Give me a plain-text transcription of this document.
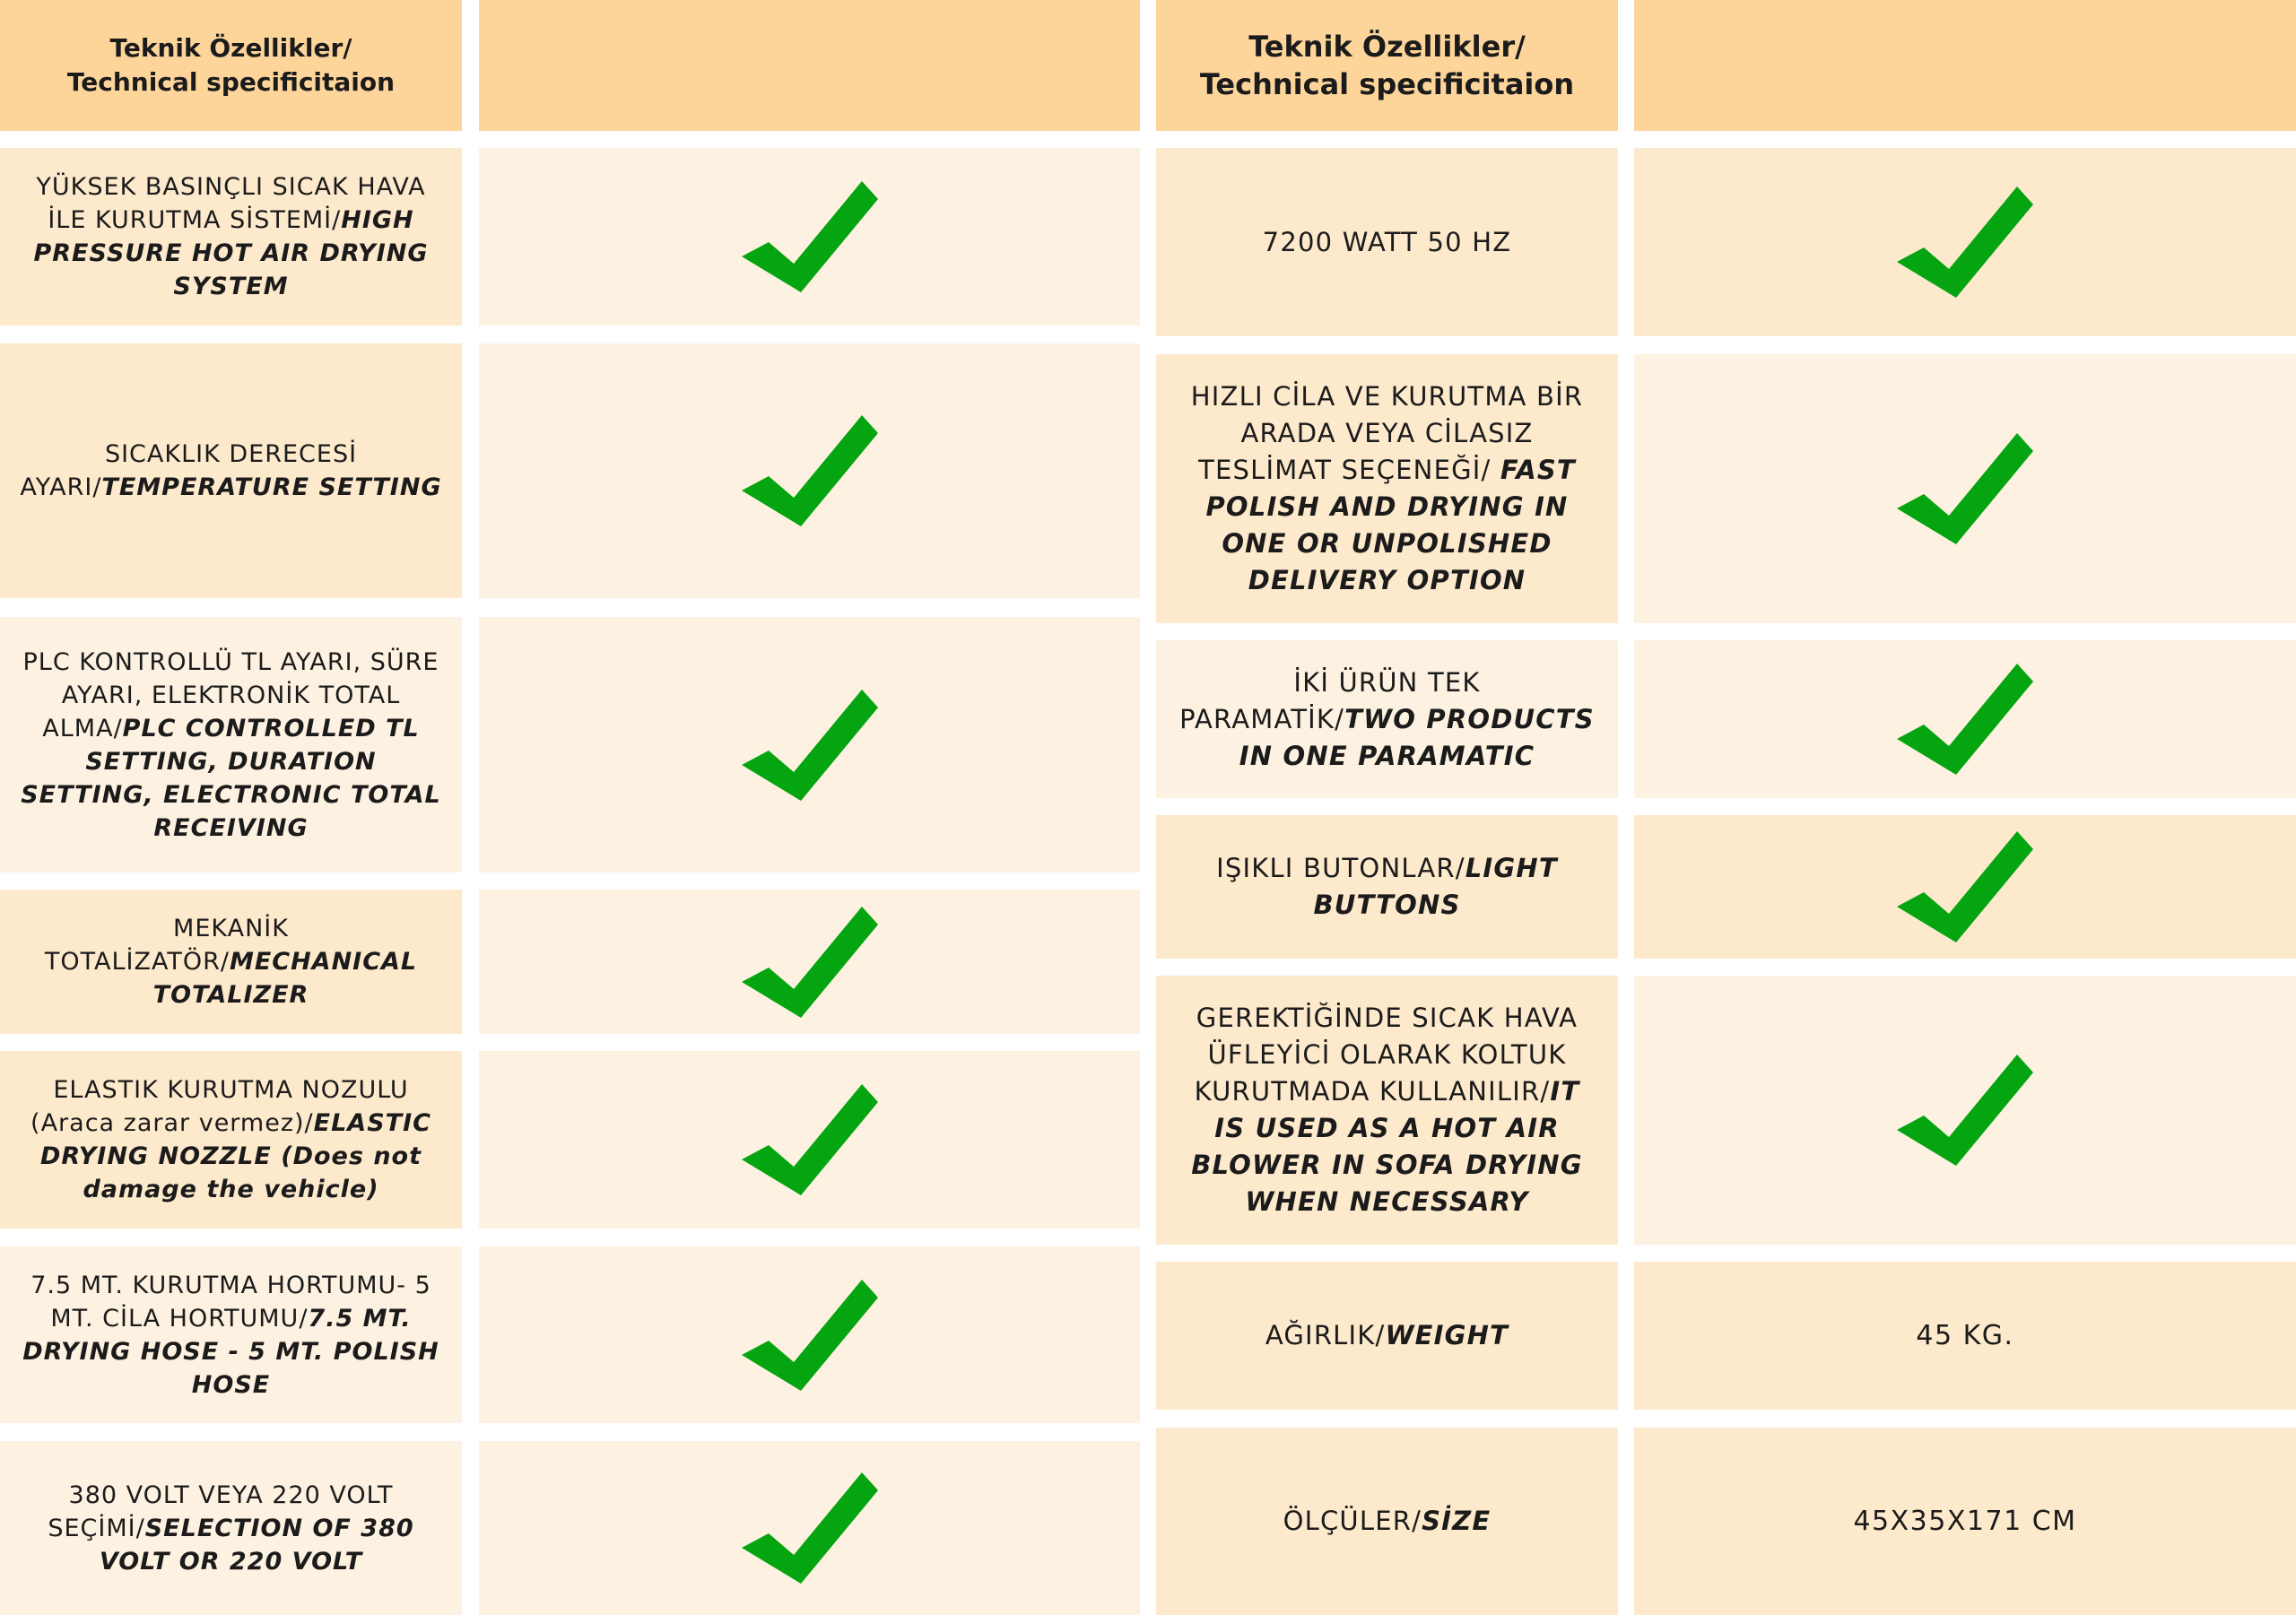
Teknik Özellikler/
Technical specificitaion
Teknik Özellikler/
Technical specificitaion
YÜKSEK BASINÇLI SICAK HAVA İLE KURUTMA SİSTEMİ/HIGH PRESSURE HOT AIR DRYING SYSTEM
SICAKLIK DERECESİ AYARI/TEMPERATURE SETTING
PLC KONTROLLÜ TL AYARI, SÜRE AYARI, ELEKTRONİK TOTAL ALMA/PLC CONTROLLED TL SETTING, DURATION SETTING, ELECTRONIC TOTAL RECEIVING
MEKANİK TOTALİZATÖR/MECHANICAL TOTALIZER
ELASTIK KURUTMA NOZULU (Araca zarar vermez)/ELASTIC DRYING NOZZLE (Does not damage the vehicle)
7.5 MT. KURUTMA HORTUMU- 5 MT. CİLA HORTUMU/7.5 MT. DRYING HOSE - 5 MT. POLISH HOSE
380 VOLT VEYA 220 VOLT SEÇİMİ/SELECTION OF 380 VOLT OR 220 VOLT
7200 WATT 50 HZ
HIZLI CİLA VE KURUTMA BİR ARADA VEYA CİLASIZ TESLİMAT SEÇENEĞİ/ FAST POLISH AND DRYING IN ONE OR UNPOLISHED DELIVERY OPTION
İKİ ÜRÜN TEK PARAMATİK/TWO PRODUCTS IN ONE PARAMATIC
IŞIKLI BUTONLAR/LIGHT BUTTONS
GEREKTİĞİNDE SICAK HAVA ÜFLEYİCİ OLARAK KOLTUK KURUTMADA KULLANILIR/IT IS USED AS A HOT AIR BLOWER IN SOFA DRYING WHEN NECESSARY
AĞIRLIK/WEIGHT	45 KG.
ÖLÇÜLER/SİZE	45X35X171 CM
